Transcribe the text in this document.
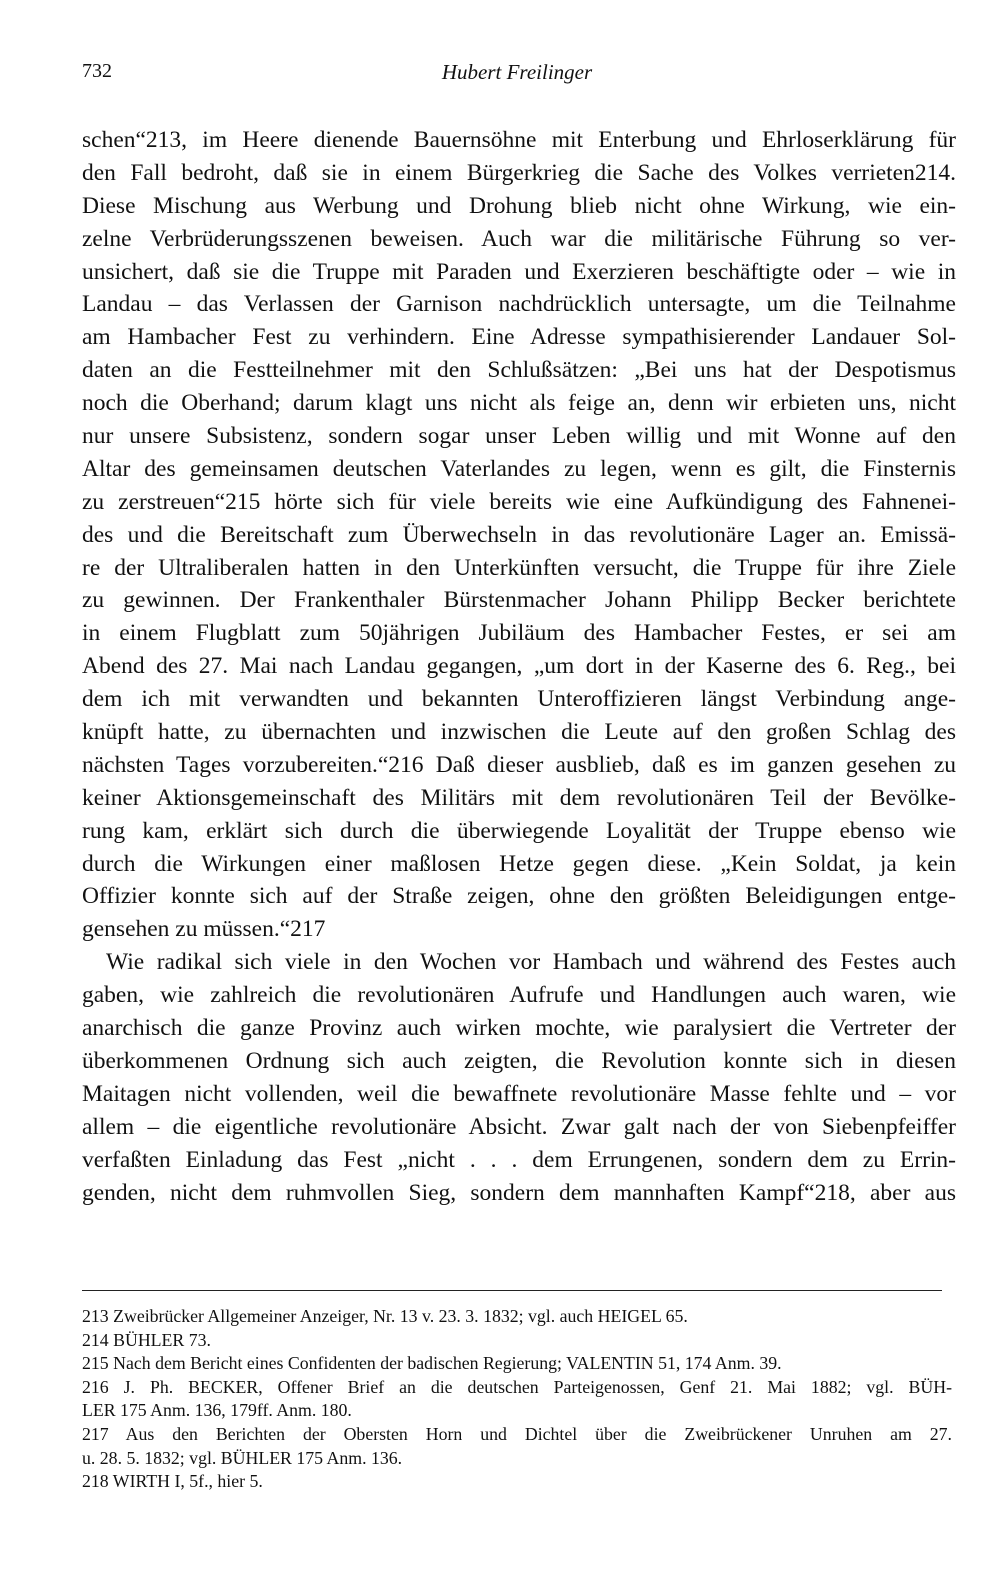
732	Hubert Freilinger
schen“213, im Heere dienende Bauernsöhne mit Enterbung und Ehrloserklärung für
den Fall bedroht, daß sie in einem Bürgerkrieg die Sache des Volkes verrieten214.
Diese Mischung aus Werbung und Drohung blieb nicht ohne Wirkung, wie ein-
zelne Verbrüderungsszenen beweisen. Auch war die militärische Führung so ver-
unsichert, daß sie die Truppe mit Paraden und Exerzieren beschäftigte oder – wie in
Landau – das Verlassen der Garnison nachdrücklich untersagte, um die Teilnahme
am Hambacher Fest zu verhindern. Eine Adresse sympathisierender Landauer Sol-
daten an die Festteilnehmer mit den Schlußsätzen: „Bei uns hat der Despotismus
noch die Oberhand; darum klagt uns nicht als feige an, denn wir erbieten uns, nicht
nur unsere Subsistenz, sondern sogar unser Leben willig und mit Wonne auf den
Altar des gemeinsamen deutschen Vaterlandes zu legen, wenn es gilt, die Finsternis
zu zerstreuen“215 hörte sich für viele bereits wie eine Aufkündigung des Fahnenei-
des und die Bereitschaft zum Überwechseln in das revolutionäre Lager an. Emissä-
re der Ultraliberalen hatten in den Unterkünften versucht, die Truppe für ihre Ziele
zu gewinnen. Der Frankenthaler Bürstenmacher Johann Philipp Becker berichtete
in einem Flugblatt zum 50jährigen Jubiläum des Hambacher Festes, er sei am
Abend des 27. Mai nach Landau gegangen, „um dort in der Kaserne des 6. Reg., bei
dem ich mit verwandten und bekannten Unteroffizieren längst Verbindung ange-
knüpft hatte, zu übernachten und inzwischen die Leute auf den großen Schlag des
nächsten Tages vorzubereiten.“216 Daß dieser ausblieb, daß es im ganzen gesehen zu
keiner Aktionsgemeinschaft des Militärs mit dem revolutionären Teil der Bevölke-
rung kam, erklärt sich durch die überwiegende Loyalität der Truppe ebenso wie
durch die Wirkungen einer maßlosen Hetze gegen diese. „Kein Soldat, ja kein
Offizier konnte sich auf der Straße zeigen, ohne den größten Beleidigungen entge-
gensehen zu müssen.“217
Wie radikal sich viele in den Wochen vor Hambach und während des Festes auch
gaben, wie zahlreich die revolutionären Aufrufe und Handlungen auch waren, wie
anarchisch die ganze Provinz auch wirken mochte, wie paralysiert die Vertreter der
überkommenen Ordnung sich auch zeigten, die Revolution konnte sich in diesen
Maitagen nicht vollenden, weil die bewaffnete revolutionäre Masse fehlte und – vor
allem – die eigentliche revolutionäre Absicht. Zwar galt nach der von Siebenpfeiffer
verfaßten Einladung das Fest „nicht . . . dem Errungenen, sondern dem zu Errin-
genden, nicht dem ruhmvollen Sieg, sondern dem mannhaften Kampf“218, aber aus
213 Zweibrücker Allgemeiner Anzeiger, Nr. 13 v. 23. 3. 1832; vgl. auch HEIGEL 65.
214 BÜHLER 73.
215 Nach dem Bericht eines Confidenten der badischen Regierung; VALENTIN 51, 174 Anm. 39.
216 J. Ph. BECKER, Offener Brief an die deutschen Parteigenossen, Genf 21. Mai 1882; vgl. BÜH-
LER 175 Anm. 136, 179ff. Anm. 180.
217 Aus den Berichten der Obersten Horn und Dichtel über die Zweibrückener Unruhen am 27.
u. 28. 5. 1832; vgl. BÜHLER 175 Anm. 136.
218 WIRTH I, 5f., hier 5.
